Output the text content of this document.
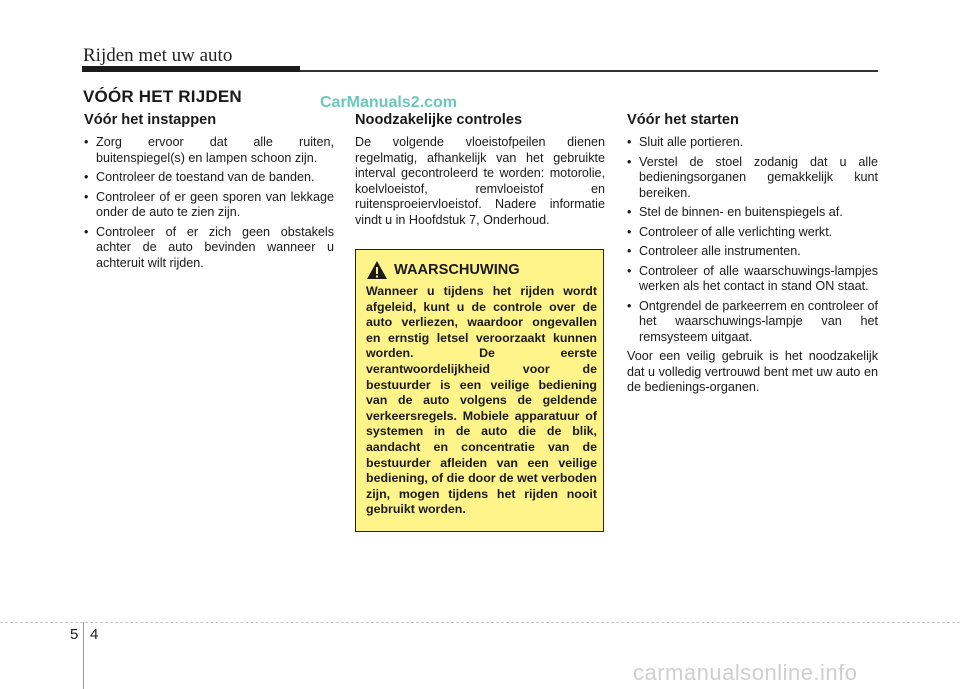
Rijden met uw auto
VÓÓR HET RIJDEN	CarManuals2.com
Vóór het instappen
• Zorg ervoor dat alle ruiten, buitenspiegel(s) en lampen schoon zijn.
• Controleer de toestand van de banden.
• Controleer of er geen sporen van lekkage onder de auto te zien zijn.
• Controleer of er zich geen obstakels achter de auto bevinden wanneer u achteruit wilt rijden.
Noodzakelijke controles

De volgende vloeistofpeilen dienen regelmatig, afhankelijk van het gebruikte interval gecontroleerd te worden: motorolie, koelvloeistof, remvloeistof en ruitensproeiervloeistof. Nadere informatie vindt u in Hoofdstuk 7, Onderhoud.

WAARSCHUWING

Wanneer u tijdens het rijden wordt afgeleid, kunt u de controle over de auto verliezen, waardoor ongevallen en ernstig letsel veroorzaakt kunnen worden. De eerste verantwoordelijkheid voor de bestuurder is een veilige bediening van de auto volgens de geldende verkeersregels. Mobiele apparatuur of systemen in de auto die de blik, aandacht en concentratie van de bestuurder afleiden van een veilige bediening, of die door de wet verboden zijn, mogen tijdens het rijden nooit gebruikt worden.

Vóór het starten
• Sluit alle portieren.
• Verstel de stoel zodanig dat u alle bedieningsorganen gemakkelijk kunt bereiken.
• Stel de binnen- en buitenspiegels af.
• Controleer of alle verlichting werkt.
• Controleer alle instrumenten.
• Controleer of alle waarschuwings-lampjes werken als het contact in stand ON staat.
• Ontgrendel de parkeerrem en controleer of het waarschuwings-lampje van het remsysteem uitgaat.

Voor een veilig gebruik is het noodzakelijk dat u volledig vertrouwd bent met uw auto en de bedienings-organen.

5 4
carmanualsonline.info
